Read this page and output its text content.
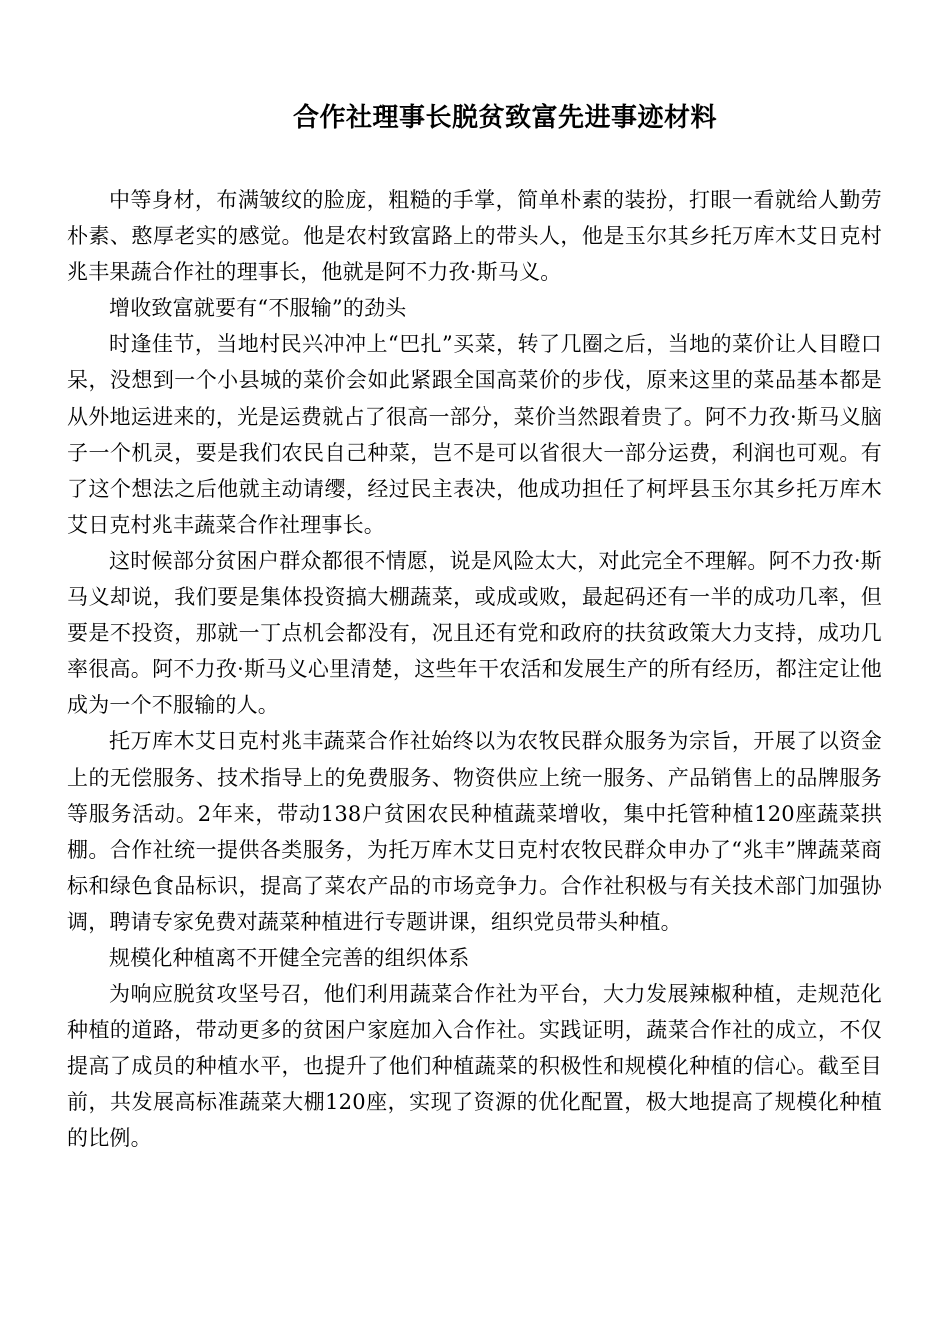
合作社理事长脱贫致富先进事迹材料

中等身材，布满皱纹的脸庞，粗糙的手掌，简单朴素的装扮，打眼一看就给人勤劳朴素、憨厚老实的感觉。他是农村致富路上的带头人，他是玉尔其乡托万库木艾日克村兆丰果蔬合作社的理事长，他就是阿不力孜·斯马义。

增收致富就要有“不服输”的劲头

时逢佳节，当地村民兴冲冲上“巴扎”买菜，转了几圈之后，当地的菜价让人目瞪口呆，没想到一个小县城的菜价会如此紧跟全国高菜价的步伐，原来这里的菜品基本都是从外地运进来的，光是运费就占了很高一部分，菜价当然跟着贵了。阿不力孜·斯马义脑子一个机灵，要是我们农民自己种菜，岂不是可以省很大一部分运费，利润也可观。有了这个想法之后他就主动请缨，经过民主表决，他成功担任了柯坪县玉尔其乡托万库木艾日克村兆丰蔬菜合作社理事长。

这时候部分贫困户群众都很不情愿，说是风险太大，对此完全不理解。阿不力孜·斯马义却说，我们要是集体投资搞大棚蔬菜，或成或败，最起码还有一半的成功几率，但要是不投资，那就一丁点机会都没有，况且还有党和政府的扶贫政策大力支持，成功几率很高。阿不力孜·斯马义心里清楚，这些年干农活和发展生产的所有经历，都注定让他成为一个不服输的人。

托万库木艾日克村兆丰蔬菜合作社始终以为农牧民群众服务为宗旨，开展了以资金上的无偿服务、技术指导上的免费服务、物资供应上统一服务、产品销售上的品牌服务等服务活动。2年来，带动138户贫困农民种植蔬菜增收，集中托管种植120座蔬菜拱棚。合作社统一提供各类服务，为托万库木艾日克村农牧民群众申办了“兆丰”牌蔬菜商标和绿色食品标识，提高了菜农产品的市场竞争力。合作社积极与有关技术部门加强协调，聘请专家免费对蔬菜种植进行专题讲课，组织党员带头种植。

规模化种植离不开健全完善的组织体系

为响应脱贫攻坚号召，他们利用蔬菜合作社为平台，大力发展辣椒种植，走规范化种植的道路，带动更多的贫困户家庭加入合作社。实践证明，蔬菜合作社的成立，不仅提高了成员的种植水平，也提升了他们种植蔬菜的积极性和规模化种植的信心。截至目前，共发展高标准蔬菜大棚120座，实现了资源的优化配置，极大地提高了规模化种植的比例。
